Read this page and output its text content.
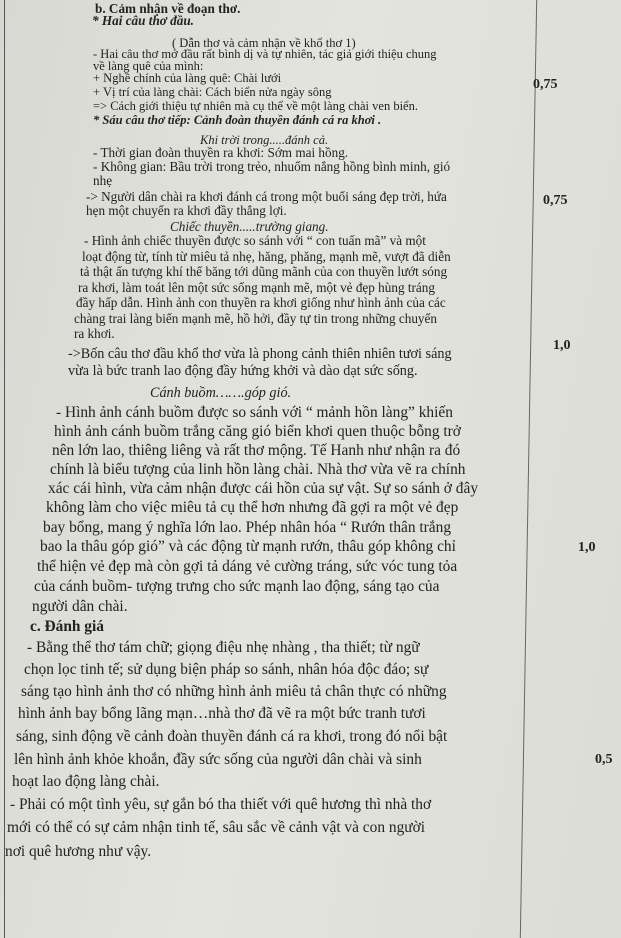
b. Cảm nhận về đoạn thơ.
* Hai câu thơ đầu.
( Dẫn thơ và cảm nhận về khổ thơ 1)
- Hai câu thơ mở đầu rất bình dị và tự nhiên, tác giả giới thiệu chung
về làng quê của mình:
+ Nghề chính của làng quê: Chài lưới
+ Vị trí của làng chài: Cách biển nửa ngày sông
=> Cách giới thiệu tự nhiên mà cụ thể về một làng chài ven biển.
* Sáu câu thơ tiếp: Cảnh đoàn thuyền đánh cá ra khơi .
Khi trời trong.....đánh cả.
- Thời gian đoàn thuyền ra khơi: Sớm mai hồng.
- Không gian: Bầu trời trong trẻo, nhuốm nắng hồng bình minh, gió
nhẹ
-> Người dân chài ra khơi đánh cá trong một buổi sáng đẹp trời, hứa
hẹn một chuyến ra khơi đầy thắng lợi.
Chiếc thuyền.....trường giang.
- Hình ảnh chiếc thuyền được so sánh với “ con tuấn mã” và một
loạt động từ, tính từ miêu tả nhẹ, hăng, phăng, mạnh mẽ, vượt đã diễn
tả thật ấn tượng khí thế băng tới dũng mãnh của con thuyền lướt sóng
ra khơi, làm toát lên một sức sống mạnh mẽ, một vẻ đẹp hùng tráng
đầy hấp dẫn. Hình ảnh con thuyền ra khơi giống như hình ảnh của các
chàng trai làng biển mạnh mẽ, hồ hởi, đầy tự tin trong những chuyến
ra khơi.
->Bốn câu thơ đầu khổ thơ vừa là phong cảnh thiên nhiên tươi sáng
vừa là bức tranh lao động đầy hứng khởi và dào dạt sức sống.
Cánh buồm…….góp gió.
- Hình ảnh cánh buồm được so sánh với “ mảnh hồn làng” khiến
hình ảnh cánh buồm trắng căng gió biển khơi quen thuộc bỗng trở
nên lớn lao, thiêng liêng và rất thơ mộng. Tế Hanh như nhận ra đó
chính là biểu tượng của linh hồn làng chài. Nhà thơ vừa vẽ ra chính
xác cái hình, vừa cảm nhận được cái hồn của sự vật. Sự so sánh ở đây
không làm cho việc miêu tả cụ thể hơn nhưng đã gợi ra một vẻ đẹp
bay bổng, mang ý nghĩa lớn lao. Phép nhân hóa “ Rướn thân trắng
bao la thâu góp gió” và các động từ mạnh rướn, thâu góp không chỉ
thể hiện vẻ đẹp mà còn gợi tả dáng vẻ cường tráng, sức vóc tung tỏa
của cánh buồm- tượng trưng cho sức mạnh lao động, sáng tạo của
người dân chài.
c. Đánh giá
- Bằng thể thơ tám chữ; giọng điệu nhẹ nhàng , tha thiết; từ ngữ
chọn lọc tinh tế; sử dụng biện pháp so sánh, nhân hóa độc đáo; sự
sáng tạo hình ảnh thơ có những hình ảnh miêu tả chân thực có những
hình ảnh bay bổng lãng mạn…nhà thơ đã vẽ ra một bức tranh tươi
sáng, sinh động về cảnh đoàn thuyền đánh cá ra khơi, trong đó nổi bật
lên hình ảnh khỏe khoắn, đầy sức sống của người dân chài và sinh
hoạt lao động làng chài.
- Phải có một tình yêu, sự gắn bó tha thiết với quê hương thì nhà thơ
mới có thể có sự cảm nhận tinh tế, sâu sắc về cảnh vật và con người
nơi quê hương như vậy.
0,75
0,75
1,0
1,0
0,5
